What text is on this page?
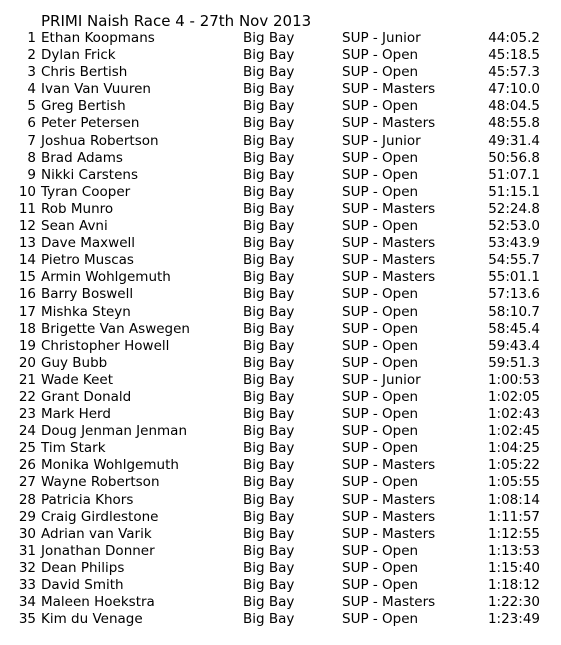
PRIMI Naish Race 4 - 27th Nov 2013
1 Ethan Koopmans	Big Bay	SUP - Junior	44:05.2
2 Dylan Frick	Big Bay	SUP - Open	45:18.5
3 Chris Bertish	Big Bay	SUP - Open	45:57.3
4 Ivan Van Vuuren	Big Bay	SUP - Masters	47:10.0
5 Greg Bertish	Big Bay	SUP - Open	48:04.5
6 Peter Petersen	Big Bay	SUP - Masters	48:55.8
7 Joshua Robertson	Big Bay	SUP - Junior	49:31.4
8 Brad Adams	Big Bay	SUP - Open	50:56.8
9 Nikki Carstens	Big Bay	SUP - Open	51:07.1
10 Tyran Cooper	Big Bay	SUP - Open	51:15.1
11 Rob Munro	Big Bay	SUP - Masters	52:24.8
12 Sean Avni	Big Bay	SUP - Open	52:53.0
13 Dave Maxwell	Big Bay	SUP - Masters	53:43.9
14 Pietro Muscas	Big Bay	SUP - Masters	54:55.7
15 Armin Wohlgemuth	Big Bay	SUP - Masters	55:01.1
16 Barry Boswell	Big Bay	SUP - Open	57:13.6
17 Mishka Steyn	Big Bay	SUP - Open	58:10.7
18 Brigette Van Aswegen	Big Bay	SUP - Open	58:45.4
19 Christopher Howell	Big Bay	SUP - Open	59:43.4
20 Guy Bubb	Big Bay	SUP - Open	59:51.3
21 Wade Keet	Big Bay	SUP - Junior	1:00:53
22 Grant Donald	Big Bay	SUP - Open	1:02:05
23 Mark Herd	Big Bay	SUP - Open	1:02:43
24 Doug Jenman Jenman	Big Bay	SUP - Open	1:02:45
25 Tim Stark	Big Bay	SUP - Open	1:04:25
26 Monika Wohlgemuth	Big Bay	SUP - Masters	1:05:22
27 Wayne Robertson	Big Bay	SUP - Open	1:05:55
28 Patricia Khors	Big Bay	SUP - Masters	1:08:14
29 Craig Girdlestone	Big Bay	SUP - Masters	1:11:57
30 Adrian van Varik	Big Bay	SUP - Masters	1:12:55
31 Jonathan Donner	Big Bay	SUP - Open	1:13:53
32 Dean Philips	Big Bay	SUP - Open	1:15:40
33 David Smith	Big Bay	SUP - Open	1:18:12
34 Maleen Hoekstra	Big Bay	SUP - Masters	1:22:30
35 Kim du Venage	Big Bay	SUP - Open	1:23:49
